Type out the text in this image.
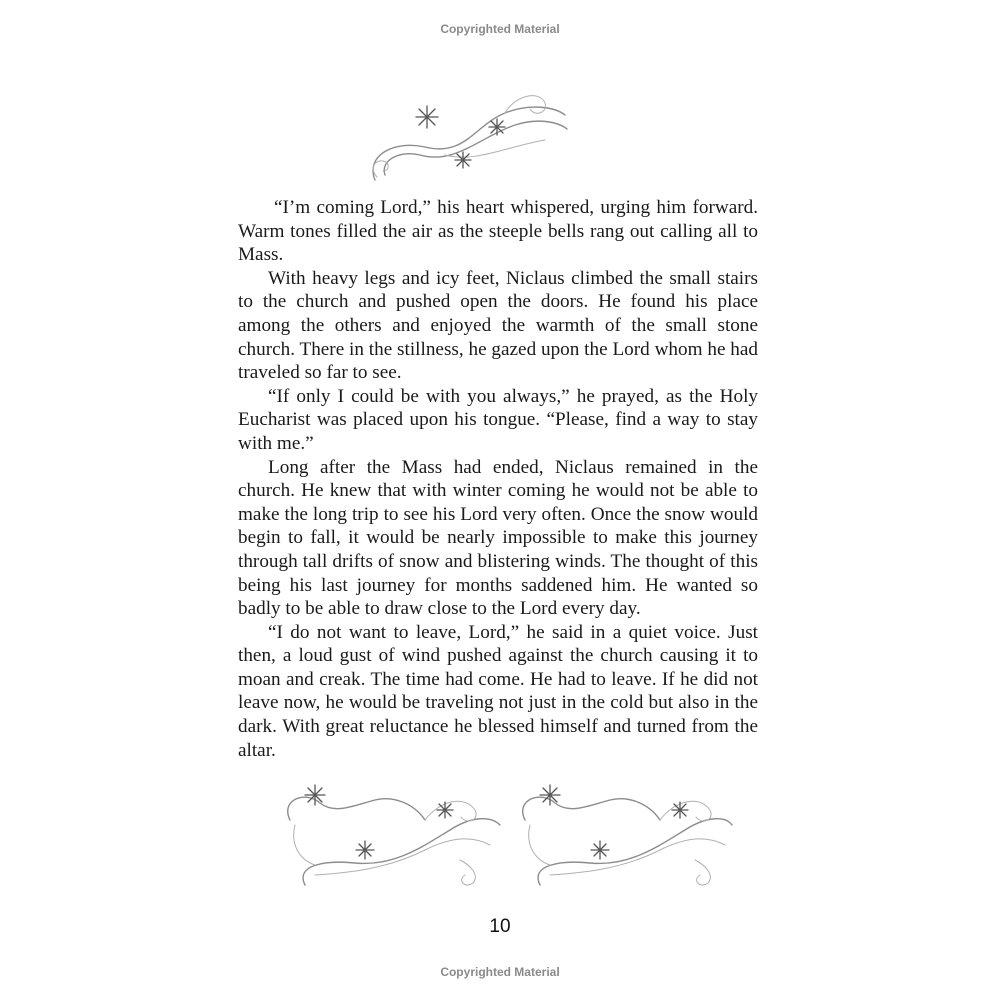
Copyrighted Material

“I’m coming Lord,” his heart whispered, urging him forward. Warm tones filled the air as the steeple bells rang out calling all to Mass.

With heavy legs and icy feet, Niclaus climbed the small stairs to the church and pushed open the doors. He found his place among the others and enjoyed the warmth of the small stone church. There in the stillness, he gazed upon the Lord whom he had traveled so far to see.

“If only I could be with you always,” he prayed, as the Holy Eucharist was placed upon his tongue. “Please, find a way to stay with me.”

Long after the Mass had ended, Niclaus remained in the church. He knew that with winter coming he would not be able to make the long trip to see his Lord very often. Once the snow would begin to fall, it would be nearly impossible to make this journey through tall drifts of snow and blistering winds. The thought of this being his last journey for months saddened him. He wanted so badly to be able to draw close to the Lord every day.

“I do not want to leave, Lord,” he said in a quiet voice. Just then, a loud gust of wind pushed against the church causing it to moan and creak. The time had come. He had to leave. If he did not leave now, he would be traveling not just in the cold but also in the dark. With great reluctance he blessed himself and turned from the altar.

10
Copyrighted Material
